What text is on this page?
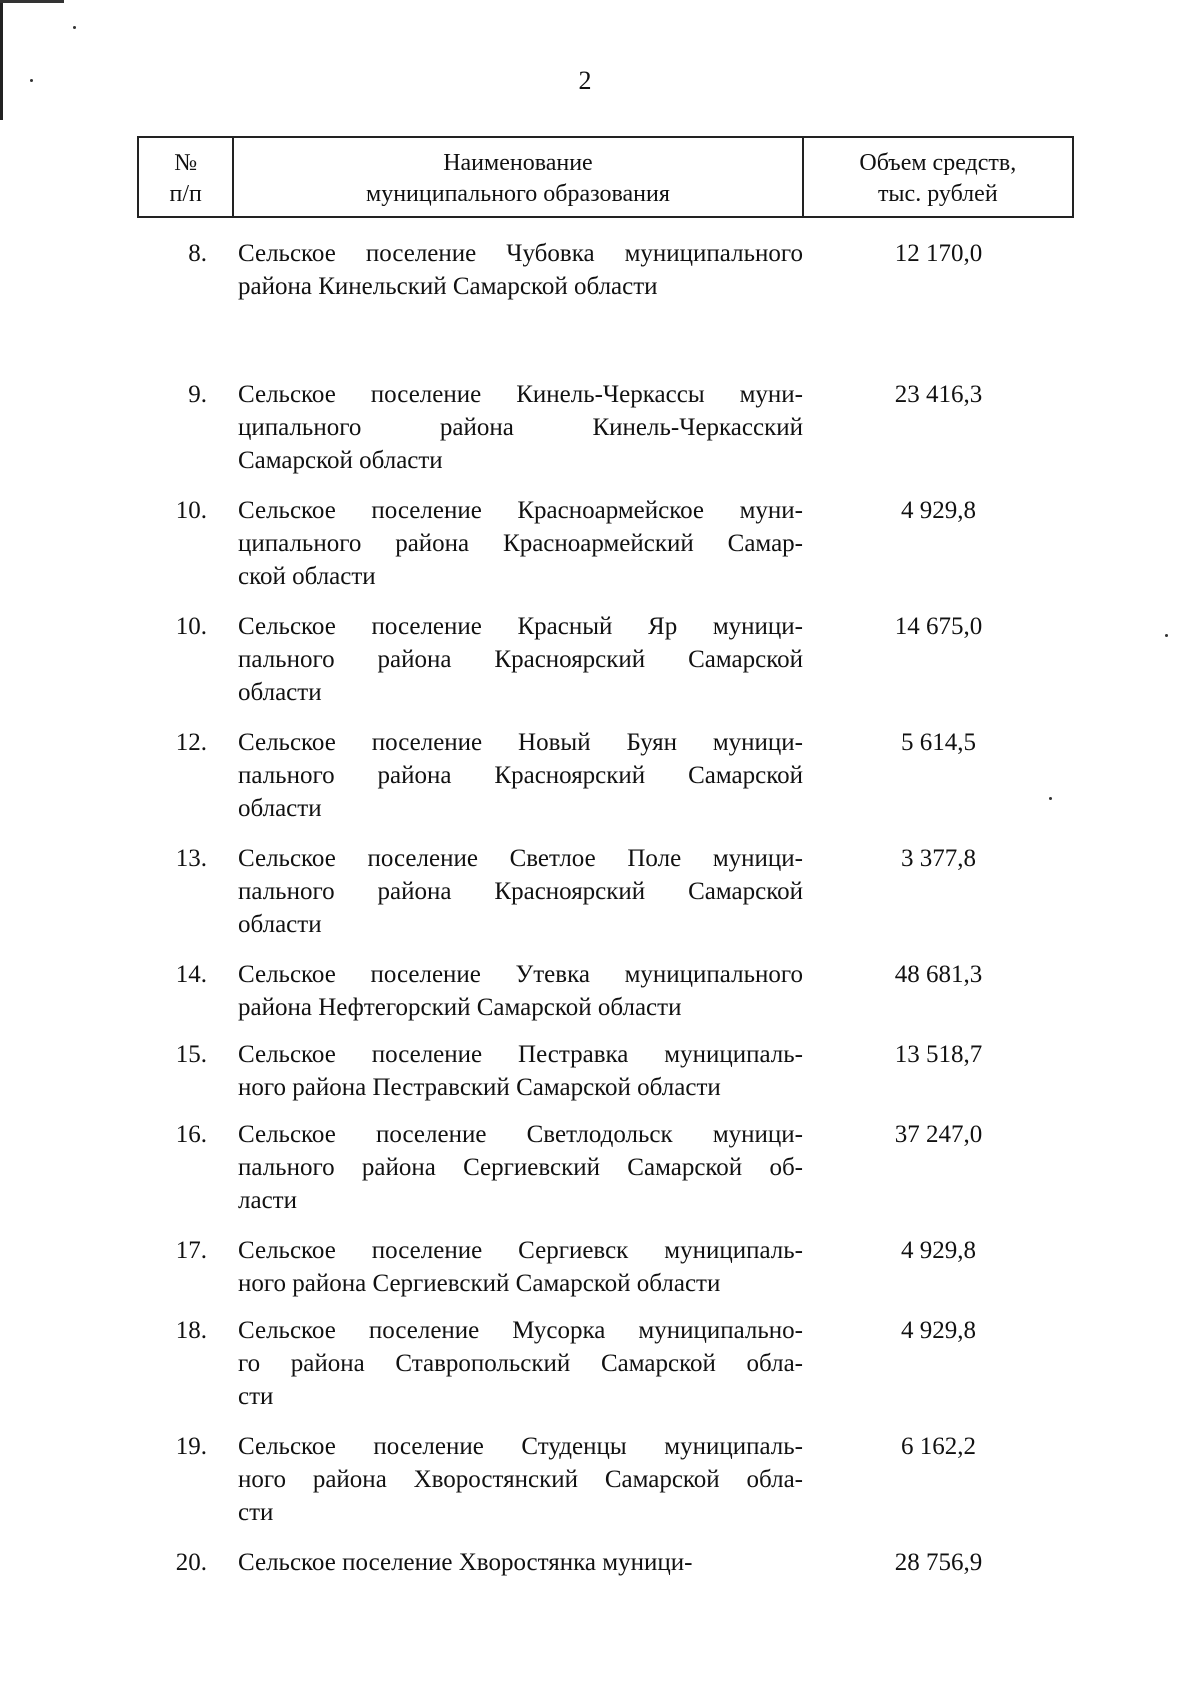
2
№
п/п

Наименование
муниципального образования

Объем средств,
тыс. рублей
8. Сельское поселение Чубовка муниципального
района Кинельский Самарской области
12 170,0
9. Сельское поселение Кинель-Черкассы муни-
ципального района Кинель-Черкасский
Самарской области
23 416,3
10. Сельское поселение Красноармейское муни-
ципального района Красноармейский Самар-
ской области
4 929,8
10. Сельское поселение Красный Яр муници-
пального района Красноярский Самарской
области
14 675,0
12. Сельское поселение Новый Буян муници-
пального района Красноярский Самарской
области
5 614,5
13. Сельское поселение Светлое Поле муници-
пального района Красноярский Самарской
области
3 377,8
14. Сельское поселение Утевка муниципального
района Нефтегорский Самарской области
48 681,3
15. Сельское поселение Пестравка муниципаль-
ного района Пестравский Самарской области
13 518,7
16. Сельское поселение Светлодольск муници-
пального района Сергиевский Самарской об-
ласти
37 247,0
17. Сельское поселение Сергиевск муниципаль-
ного района Сергиевский Самарской области
4 929,8
18. Сельское поселение Мусорка муниципально-
го района Ставропольский Самарской обла-
сти
4 929,8
19. Сельское поселение Студенцы муниципаль-
ного района Хворостянский Самарской обла-
сти
6 162,2
20. Сельское поселение Хворостянка муници-	28 756,9
